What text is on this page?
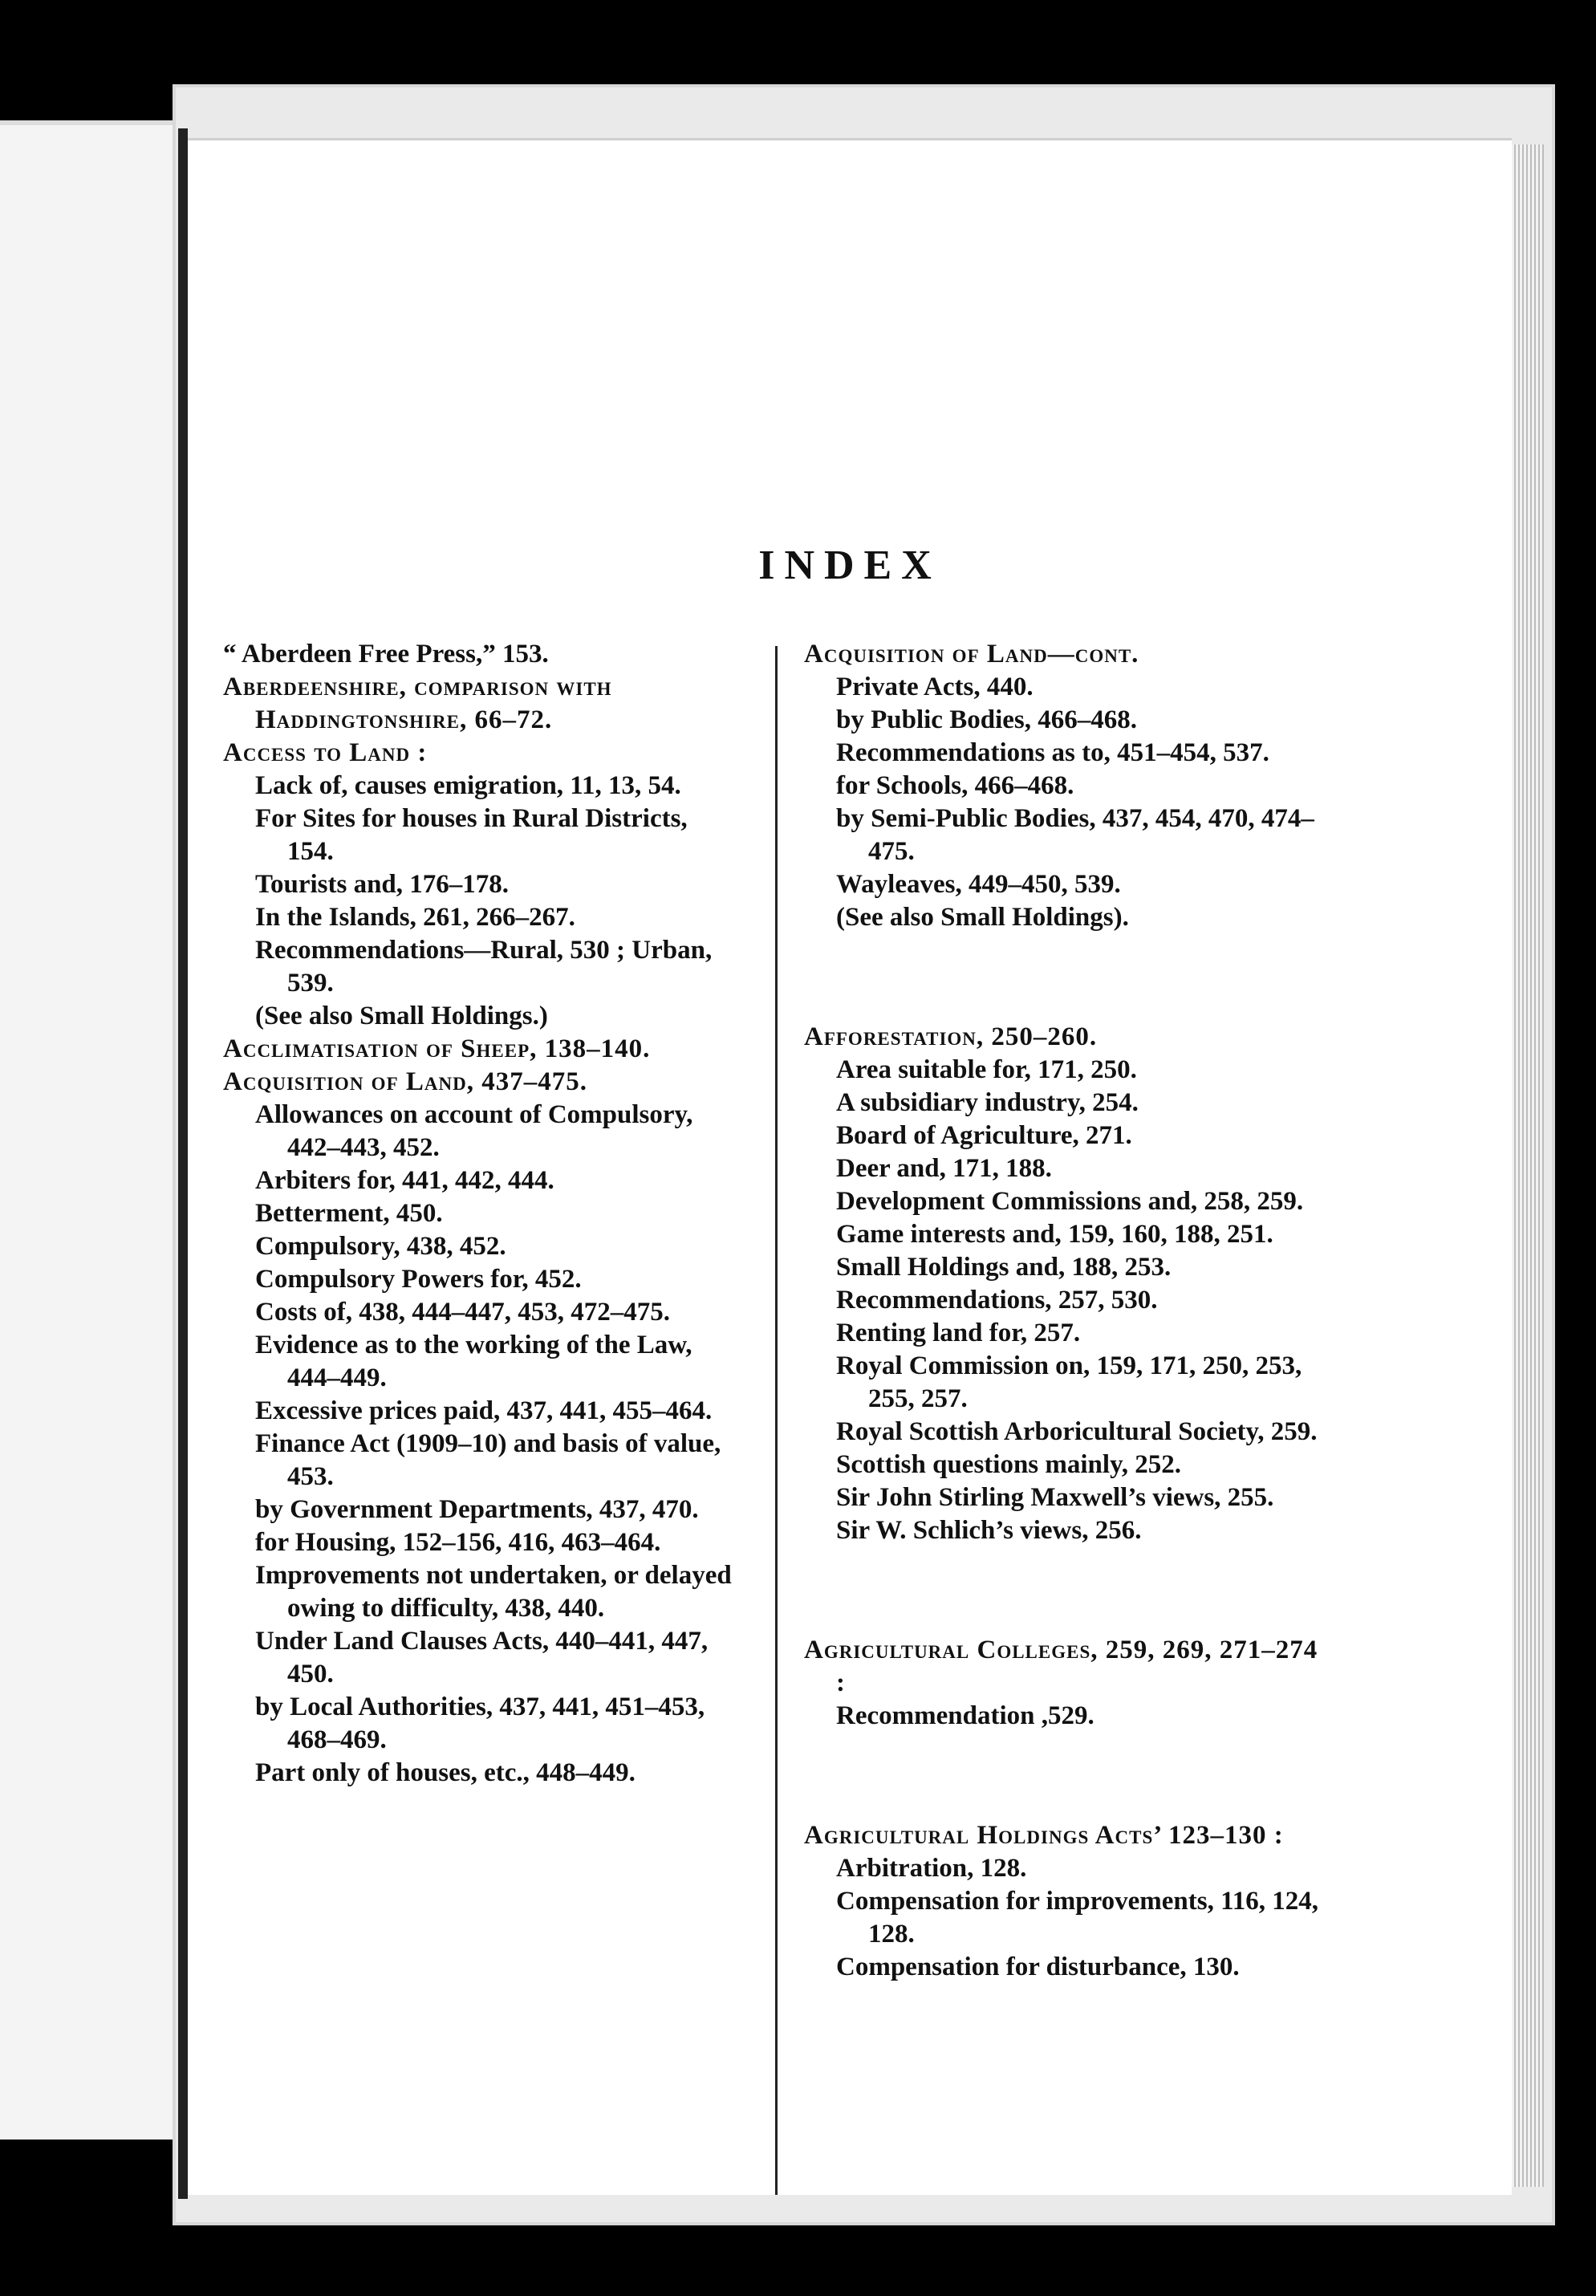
INDEX

“ Aberdeen Free Press,” 153.

Aberdeenshire, comparison with Haddingtonshire, 66–72.

Access to Land :

Lack of, causes emigration, 11, 13, 54.

For Sites for houses in Rural Districts, 154.

Tourists and, 176–178.

In the Islands, 261, 266–267.

Recommendations—Rural, 530 ; Urban, 539.

(See also Small Holdings.)

Acclimatisation of Sheep, 138–140.

Acquisition of Land, 437–475.

Allowances on account of Compulsory, 442–443, 452.

Arbiters for, 441, 442, 444.

Betterment, 450.

Compulsory, 438, 452.

Compulsory Powers for, 452.

Costs of, 438, 444–447, 453, 472–475.

Evidence as to the working of the Law, 444–449.

Excessive prices paid, 437, 441, 455–464.

Finance Act (1909–10) and basis of value, 453.

by Government Departments, 437, 470.

for Housing, 152–156, 416, 463–464.

Improvements not undertaken, or delayed owing to difficulty, 438, 440.

Under Land Clauses Acts, 440–441, 447, 450.

by Local Authorities, 437, 441, 451–453, 468–469.

Part only of houses, etc., 448–449.

Acquisition of Land—cont.

Private Acts, 440.

by Public Bodies, 466–468.

Recommendations as to, 451–454, 537.

for Schools, 466–468.

by Semi-Public Bodies, 437, 454, 470, 474–475.

Wayleaves, 449–450, 539.

(See also Small Holdings).

Afforestation, 250–260.

Area suitable for, 171, 250.

A subsidiary industry, 254.

Board of Agriculture, 271.

Deer and, 171, 188.

Development Commissions and, 258, 259.

Game interests and, 159, 160, 188, 251.

Small Holdings and, 188, 253.

Recommendations, 257, 530.

Renting land for, 257.

Royal Commission on, 159, 171, 250, 253, 255, 257.

Royal Scottish Arboricultural Society, 259.

Scottish questions mainly, 252.

Sir John Stirling Maxwell’s views, 255.

Sir W. Schlich’s views, 256.

Agricultural Colleges, 259, 269, 271–274 :

Recommendation ,529.

Agricultural Holdings Acts’ 123–130 :

Arbitration, 128.

Compensation for improvements, 116, 124, 128.

Compensation for disturbance, 130.
